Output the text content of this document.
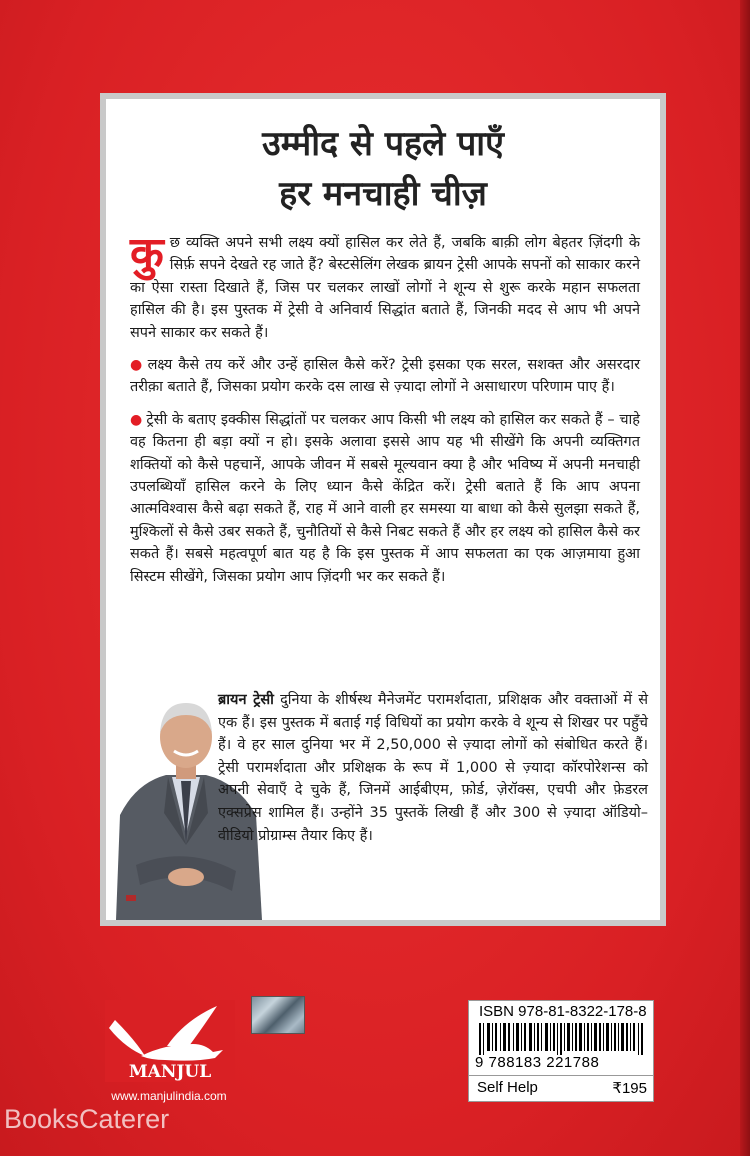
उम्मीद से पहले पाएँ
हर मनचाही चीज़

कुछ व्यक्ति अपने सभी लक्ष्य क्यों हासिल कर लेते हैं, जबकि बाक़ी लोग बेहतर ज़िंदगी के सिर्फ़ सपने देखते रह जाते हैं? बेस्टसेलिंग लेखक ब्रायन ट्रेसी आपके सपनों को साकार करने का ऐसा रास्ता दिखाते हैं, जिस पर चलकर लाखों लोगों ने शून्य से शुरू करके महान सफलता हासिल की है। इस पुस्तक में ट्रेसी वे अनिवार्य सिद्धांत बताते हैं, जिनकी मदद से आप भी अपने सपने साकार कर सकते हैं।

● लक्ष्य कैसे तय करें और उन्हें हासिल कैसे करें? ट्रेसी इसका एक सरल, सशक्त और असरदार तरीक़ा बताते हैं, जिसका प्रयोग करके दस लाख से ज़्यादा लोगों ने असाधारण परिणाम पाए हैं।

● ट्रेसी के बताए इक्कीस सिद्धांतों पर चलकर आप किसी भी लक्ष्य को हासिल कर सकते हैं – चाहे वह कितना ही बड़ा क्यों न हो। इसके अलावा इससे आप यह भी सीखेंगे कि अपनी व्यक्तिगत शक्तियों को कैसे पहचानें, आपके जीवन में सबसे मूल्यवान क्या है और भविष्य में अपनी मनचाही उपलब्धियाँ हासिल करने के लिए ध्यान कैसे केंद्रित करें। ट्रेसी बताते हैं कि आप अपना आत्मविश्वास कैसे बढ़ा सकते हैं, राह में आने वाली हर समस्या या बाधा को कैसे सुलझा सकते हैं, मुश्किलों से कैसे उबर सकते हैं, चुनौतियों से कैसे निबट सकते हैं और हर लक्ष्य को हासिल कैसे कर सकते हैं। सबसे महत्वपूर्ण बात यह है कि इस पुस्तक में आप सफलता का एक आज़माया हुआ सिस्टम सीखेंगे, जिसका प्रयोग आप ज़िंदगी भर कर सकते हैं।

ब्रायन ट्रेसी दुनिया के शीर्षस्थ मैनेजमेंट परामर्शदाता, प्रशिक्षक और वक्ताओं में से एक हैं। इस पुस्तक में बताई गई विधियों का प्रयोग करके वे शून्य से शिखर पर पहुँचे हैं। वे हर साल दुनिया भर में 2,50,000 से ज़्यादा लोगों को संबोधित करते हैं। ट्रेसी परामर्शदाता और प्रशिक्षक के रूप में 1,000 से ज़्यादा कॉरपोरेशन्स को अपनी सेवाएँ दे चुके हैं, जिनमें आईबीएम, फ़ोर्ड, ज़ेरॉक्स, एचपी और फ़ेडरल एक्सप्रेस शामिल हैं। उन्होंने 35 पुस्तकें लिखी हैं और 300 से ज़्यादा ऑडियो–वीडियो प्रोग्राम्स तैयार किए हैं।
MANJUL
www.manjulindia.com
ISBN 978-81-8322-178-8
9 788183 221788
Self Help	₹195
BooksCaterer
